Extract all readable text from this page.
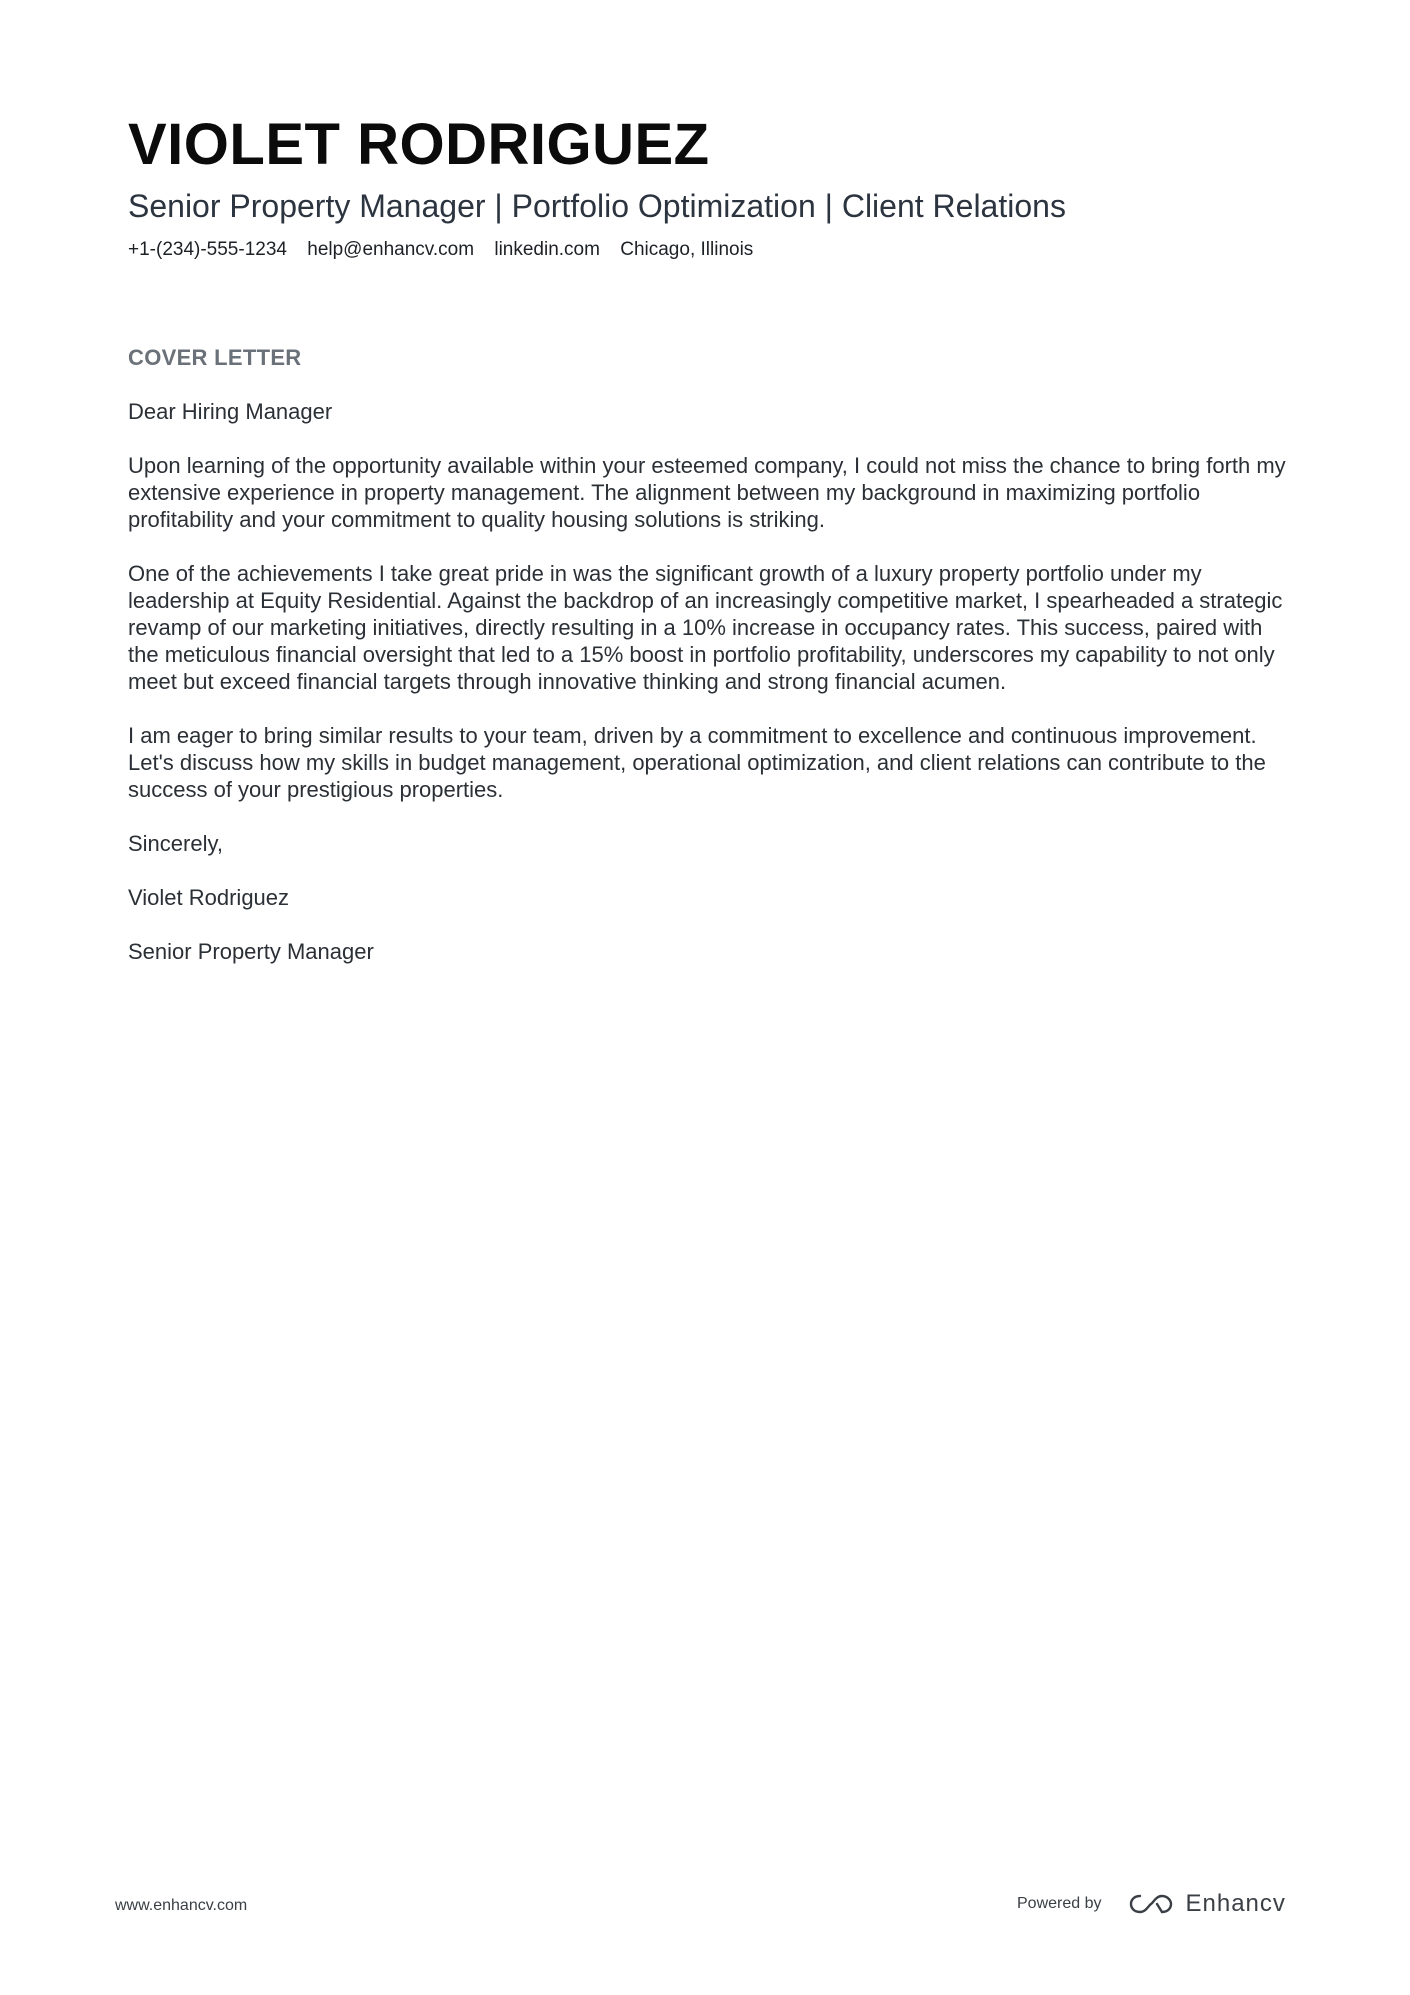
VIOLET RODRIGUEZ
Senior Property Manager | Portfolio Optimization | Client Relations
+1-(234)-555-1234 help@enhancv.com linkedin.com Chicago, Illinois
COVER LETTER

Dear Hiring Manager

Upon learning of the opportunity available within your esteemed company, I could not miss the chance to bring forth my extensive experience in property management. The alignment between my background in maximizing portfolio profitability and your commitment to quality housing solutions is striking.

One of the achievements I take great pride in was the significant growth of a luxury property portfolio under my leadership at Equity Residential. Against the backdrop of an increasingly competitive market, I spearheaded a strategic revamp of our marketing initiatives, directly resulting in a 10% increase in occupancy rates. This success, paired with the meticulous financial oversight that led to a 15% boost in portfolio profitability, underscores my capability to not only meet but exceed financial targets through innovative thinking and strong financial acumen.

I am eager to bring similar results to your team, driven by a commitment to excellence and continuous improvement. Let's discuss how my skills in budget management, operational optimization, and client relations can contribute to the success of your prestigious properties.

Sincerely,

Violet Rodriguez

Senior Property Manager

www.enhancv.com	Powered by	Enhancv
